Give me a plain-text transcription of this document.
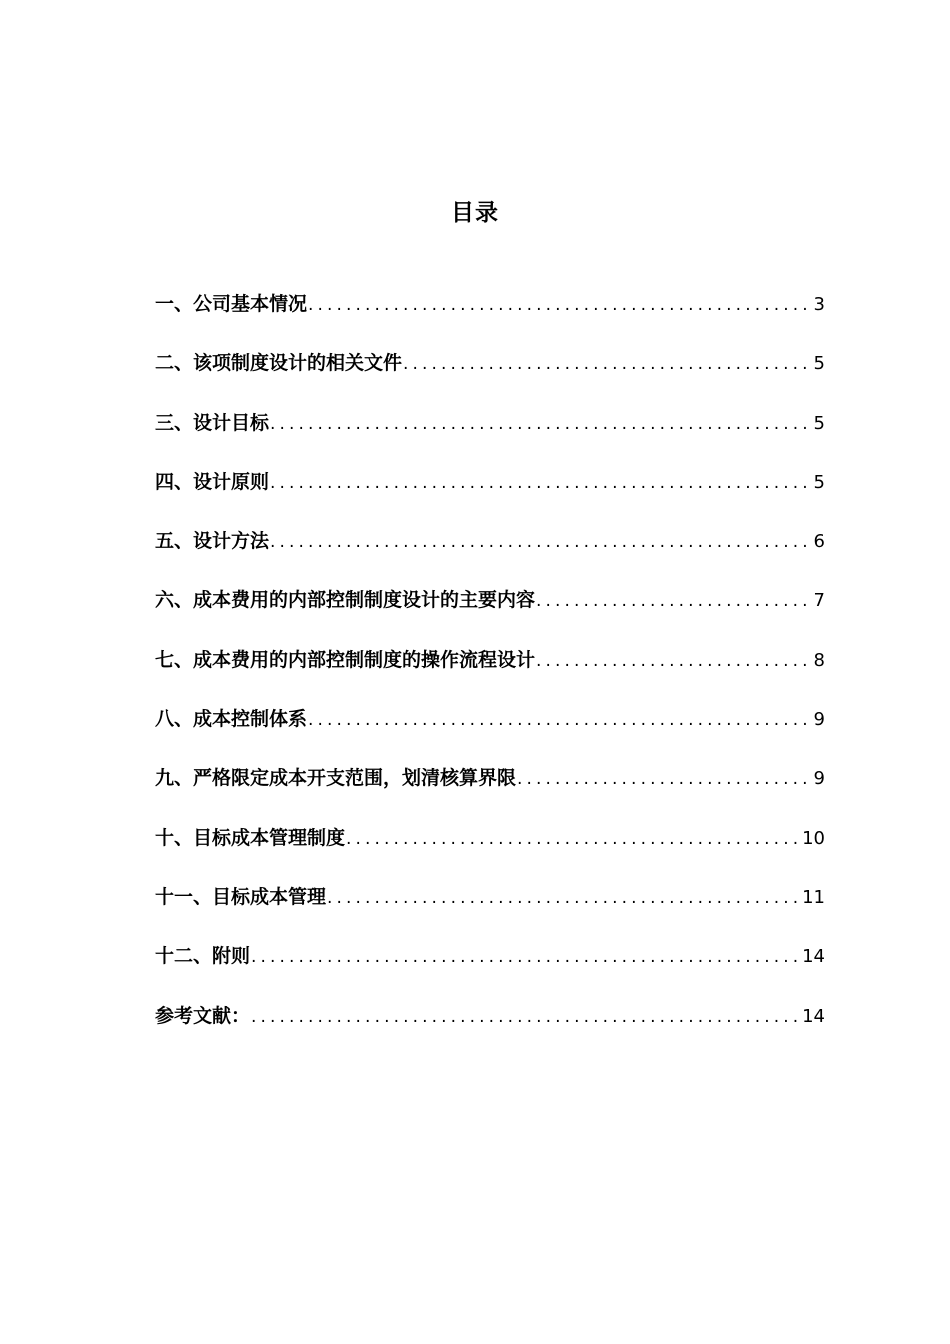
目录
一、公司基本情况 .....	3
二、该项制度设计的相关文件 .....	5
三、设计目标 .....	5
四、设计原则 .....	5
五、设计方法 .....	6
六、成本费用的内部控制制度设计的主要内容 .....	7
七、成本费用的内部控制制度的操作流程设计 .....	8
八、成本控制体系 .....	9
九、严格限定成本开支范围，划清核算界限 .....	9
十、目标成本管理制度 .....	10
十一、目标成本管理 .....	11
十二、附则 .....	14
参考文献： .....	14
